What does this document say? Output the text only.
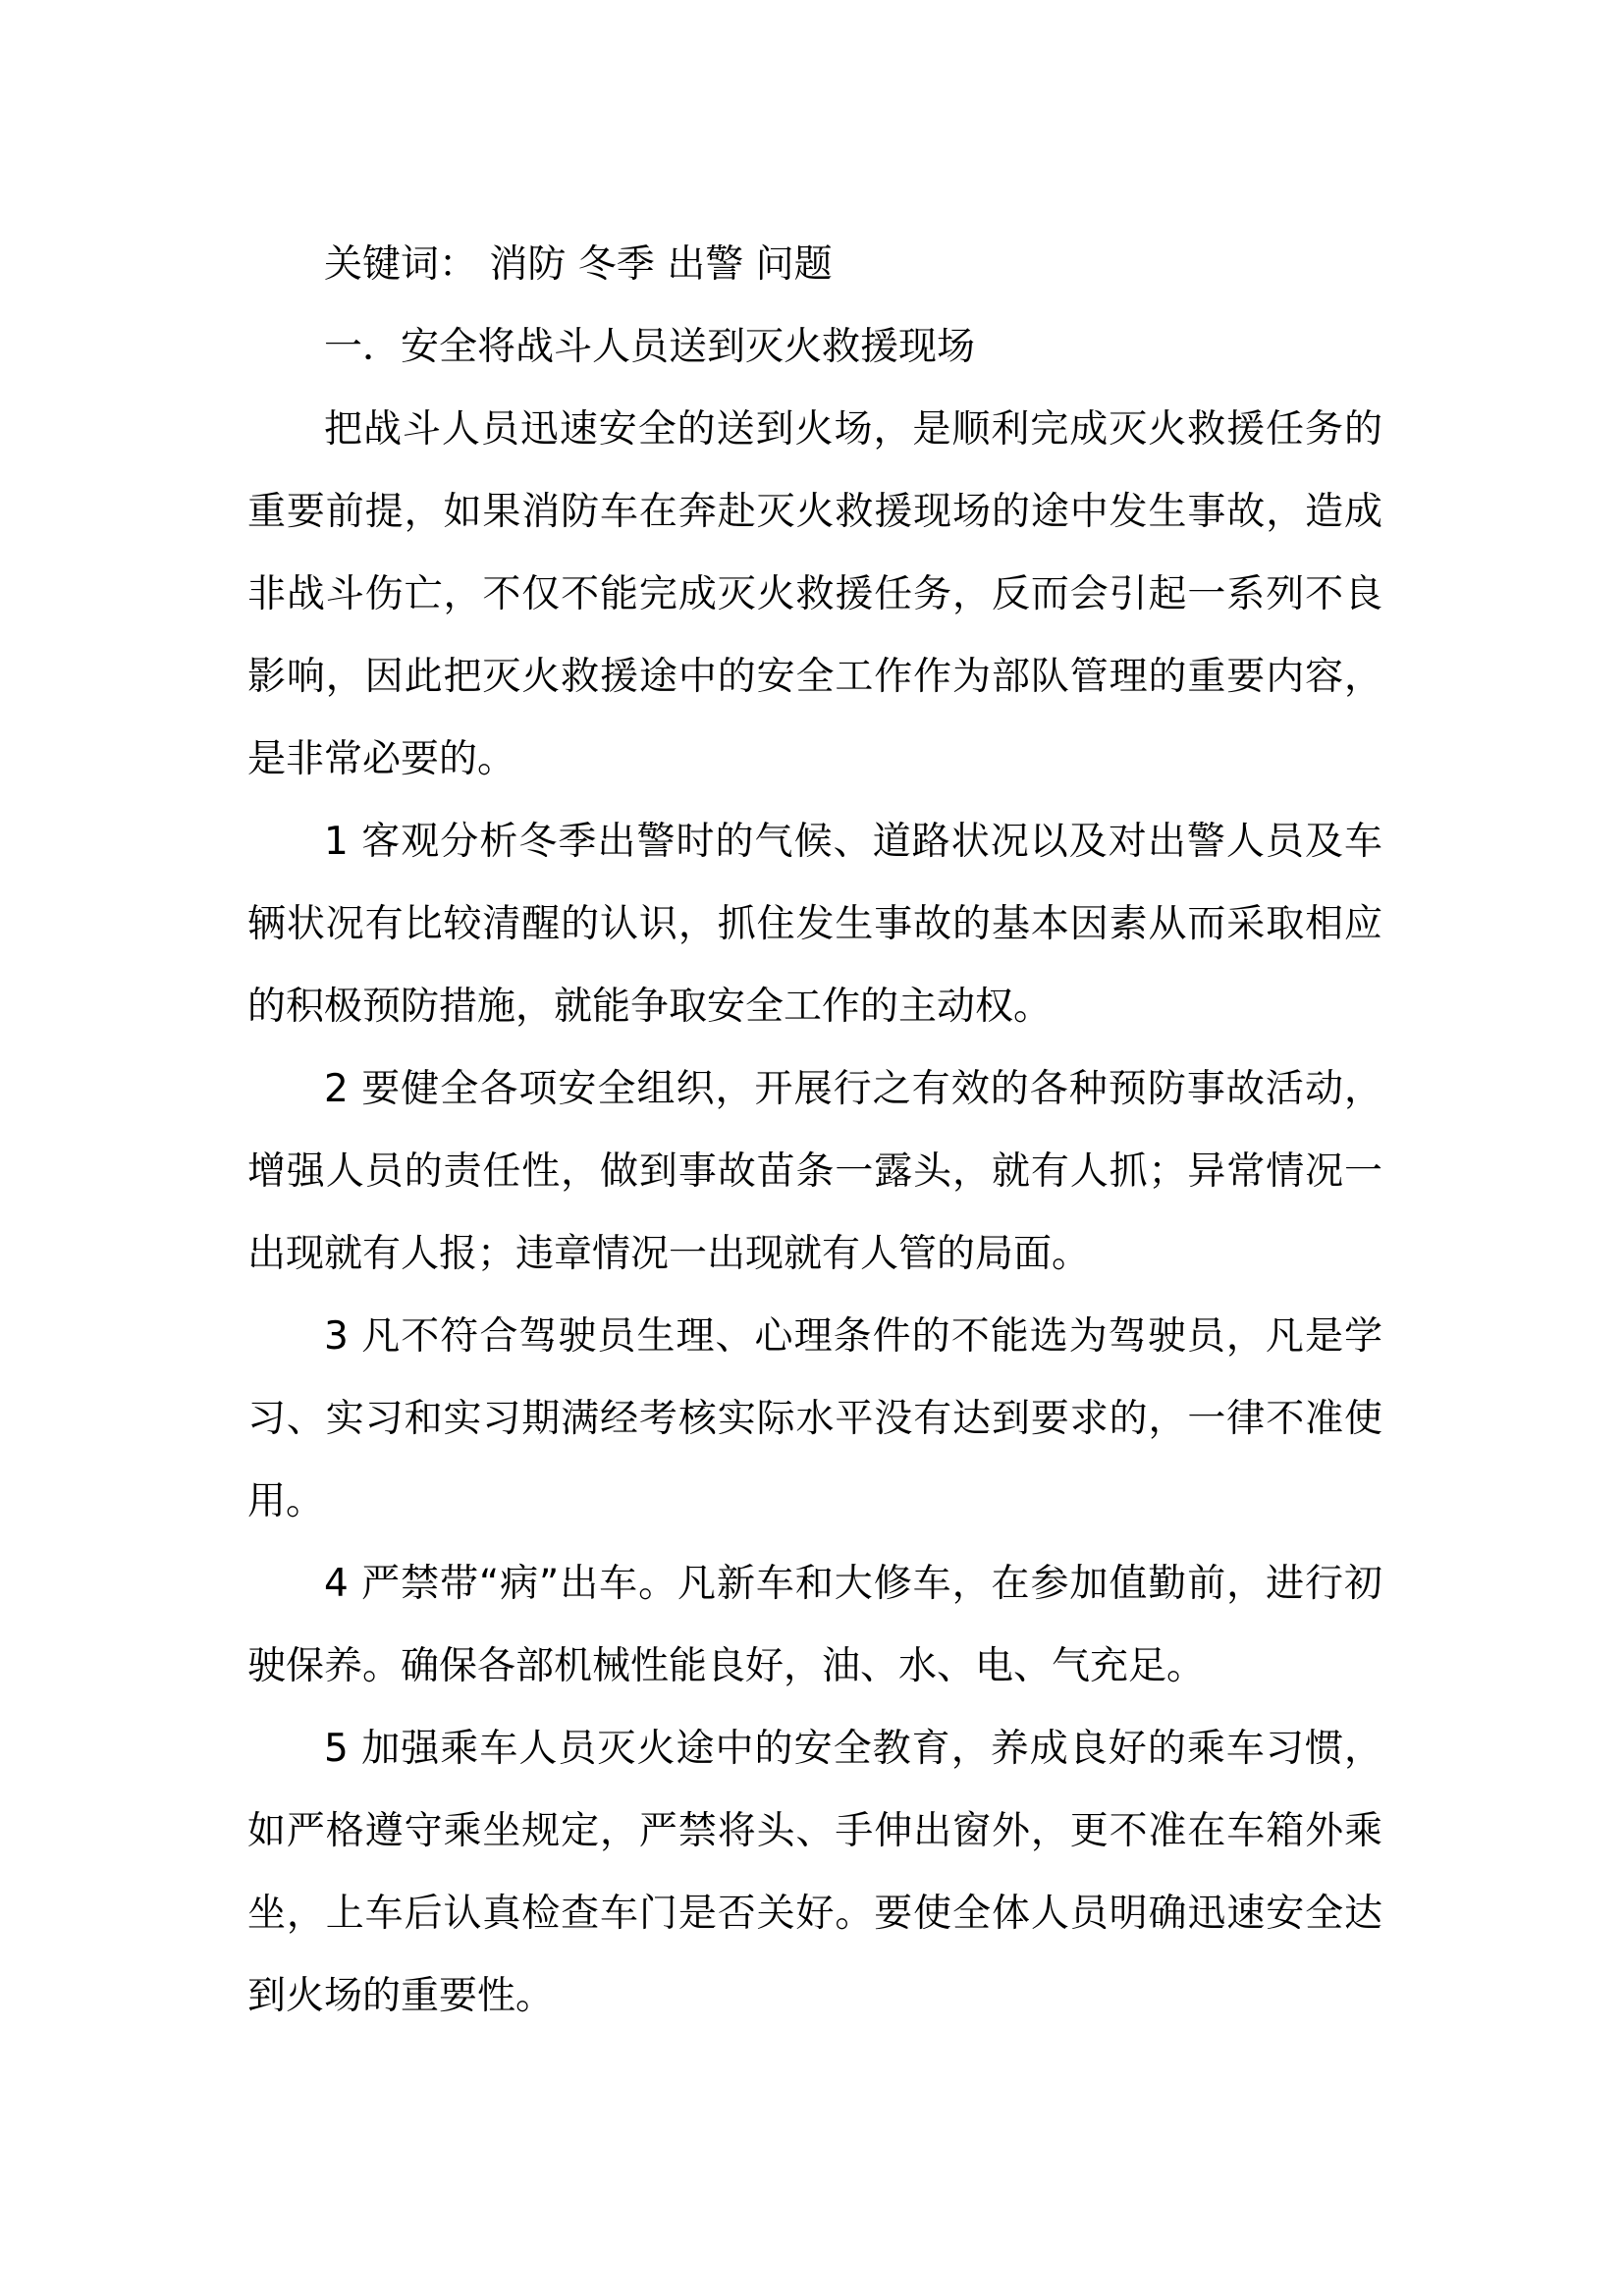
关键词： 消防 冬季 出警 问题

一．安全将战斗人员送到灭火救援现场

把战斗人员迅速安全的送到火场，是顺利完成灭火救援任务的重要前提，如果消防车在奔赴灭火救援现场的途中发生事故，造成非战斗伤亡，不仅不能完成灭火救援任务，反而会引起一系列不良影响，因此把灭火救援途中的安全工作作为部队管理的重要内容，是非常必要的。

1 客观分析冬季出警时的气候、道路状况以及对出警人员及车辆状况有比较清醒的认识，抓住发生事故的基本因素从而采取相应的积极预防措施，就能争取安全工作的主动权。

2 要健全各项安全组织，开展行之有效的各种预防事故活动，增强人员的责任性，做到事故苗条一露头，就有人抓；异常情况一出现就有人报；违章情况一出现就有人管的局面。

3 凡不符合驾驶员生理、心理条件的不能选为驾驶员，凡是学习、实习和实习期满经考核实际水平没有达到要求的，一律不准使用。

4 严禁带“病”出车。凡新车和大修车，在参加值勤前，进行初驶保养。确保各部机械性能良好，油、水、电、气充足。

5 加强乘车人员灭火途中的安全教育，养成良好的乘车习惯，如严格遵守乘坐规定，严禁将头、手伸出窗外，更不准在车箱外乘坐，上车后认真检查车门是否关好。要使全体人员明确迅速安全达到火场的重要性。
